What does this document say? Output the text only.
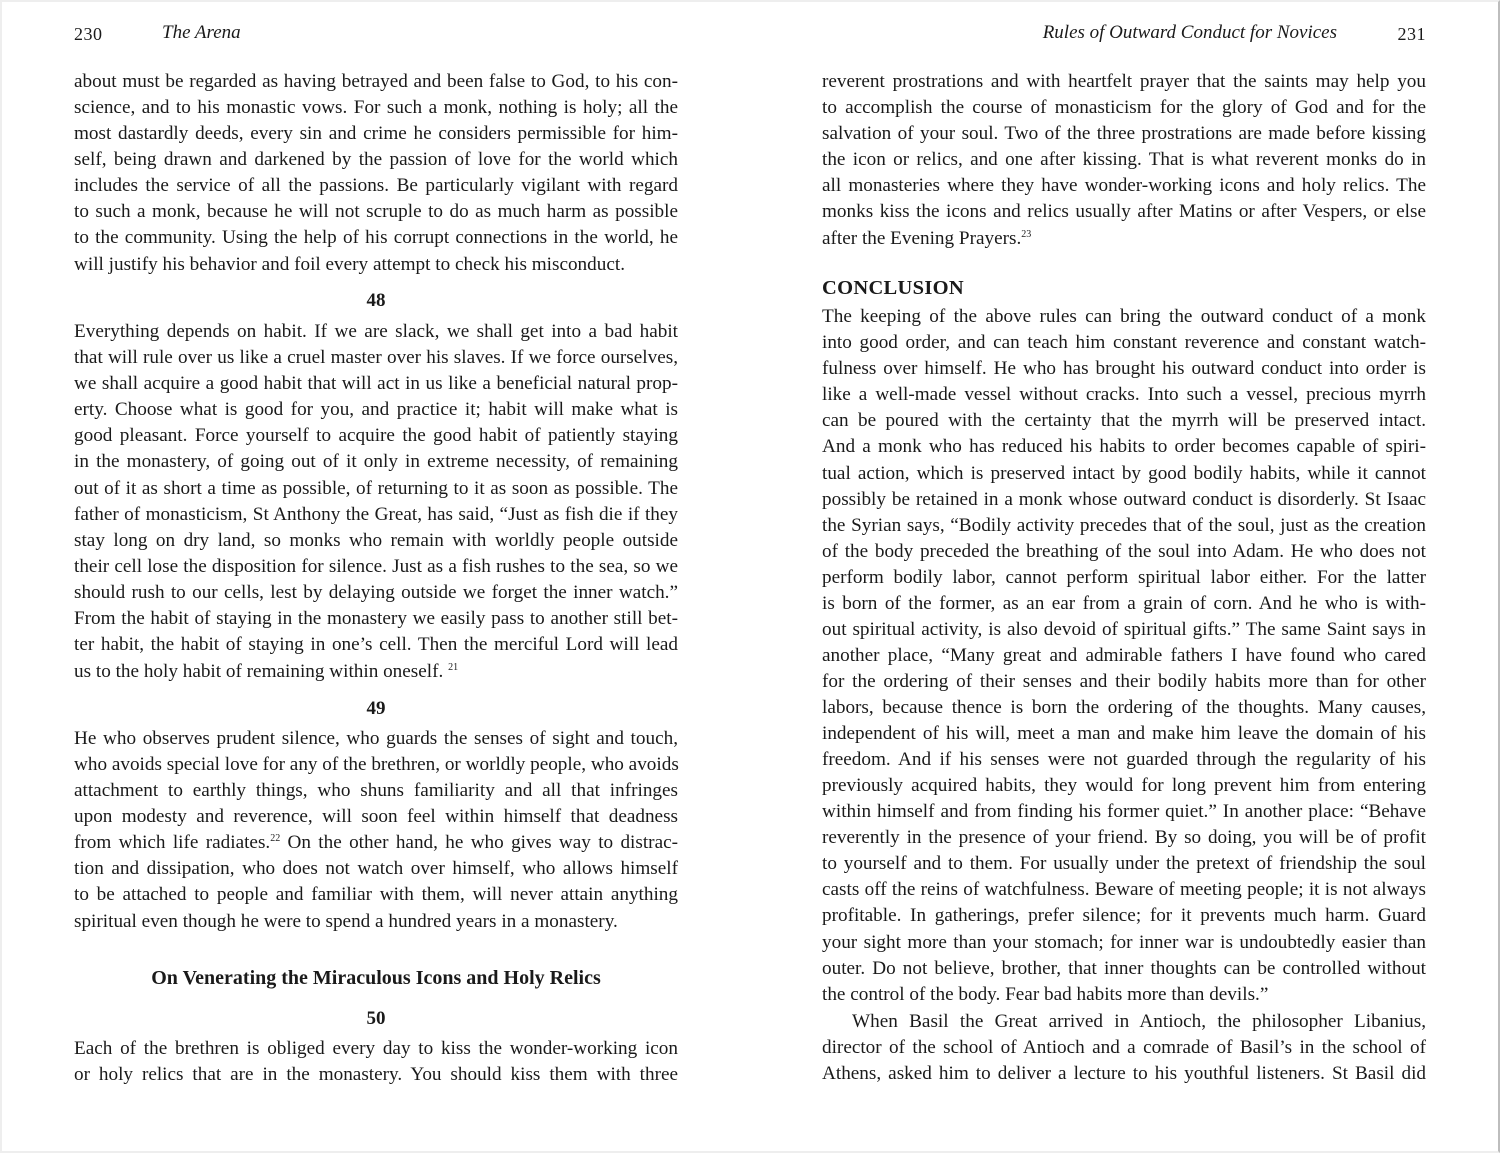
230	The Arena
about must be regarded as having betrayed and been false to God, to his con-
science, and to his monastic vows. For such a monk, nothing is holy; all the
most dastardly deeds, every sin and crime he considers permissible for him-
self, being drawn and darkened by the passion of love for the world which
includes the service of all the passions. Be particularly vigilant with regard
to such a monk, because he will not scruple to do as much harm as possible
to the community. Using the help of his corrupt connections in the world, he
will justify his behavior and foil every attempt to check his misconduct.
48
Everything depends on habit. If we are slack, we shall get into a bad habit
that will rule over us like a cruel master over his slaves. If we force ourselves,
we shall acquire a good habit that will act in us like a beneficial natural prop-
erty. Choose what is good for you, and practice it; habit will make what is
good pleasant. Force yourself to acquire the good habit of patiently staying
in the monastery, of going out of it only in extreme necessity, of remaining
out of it as short a time as possible, of returning to it as soon as possible. The
father of monasticism, St Anthony the Great, has said, “Just as fish die if they
stay long on dry land, so monks who remain with worldly people outside
their cell lose the disposition for silence. Just as a fish rushes to the sea, so we
should rush to our cells, lest by delaying outside we forget the inner watch.”
From the habit of staying in the monastery we easily pass to another still bet-
ter habit, the habit of staying in one’s cell. Then the merciful Lord will lead
us to the holy habit of remaining within oneself. $^{21}$
49
He who observes prudent silence, who guards the senses of sight and touch,
who avoids special love for any of the brethren, or worldly people, who avoids
attachment to earthly things, who shuns familiarity and all that infringes
upon modesty and reverence, will soon feel within himself that deadness
from which life radiates.$^{22}$ On the other hand, he who gives way to distrac-
tion and dissipation, who does not watch over himself, who allows himself
to be attached to people and familiar with them, will never attain anything
spiritual even though he were to spend a hundred years in a monastery.
On Venerating the Miraculous Icons and Holy Relics
50
Each of the brethren is obliged every day to kiss the wonder-working icon
or holy relics that are in the monastery. You should kiss them with three
Rules of Outward Conduct for Novices	231
reverent prostrations and with heartfelt prayer that the saints may help you
to accomplish the course of monasticism for the glory of God and for the
salvation of your soul. Two of the three prostrations are made before kissing
the icon or relics, and one after kissing. That is what reverent monks do in
all monasteries where they have wonder-working icons and holy relics. The
monks kiss the icons and relics usually after Matins or after Vespers, or else
after the Evening Prayers.$^{23}$
CONCLUSION
The keeping of the above rules can bring the outward conduct of a monk
into good order, and can teach him constant reverence and constant watch-
fulness over himself. He who has brought his outward conduct into order is
like a well-made vessel without cracks. Into such a vessel, precious myrrh
can be poured with the certainty that the myrrh will be preserved intact.
And a monk who has reduced his habits to order becomes capable of spiri-
tual action, which is preserved intact by good bodily habits, while it cannot
possibly be retained in a monk whose outward conduct is disorderly. St Isaac
the Syrian says, “Bodily activity precedes that of the soul, just as the creation
of the body preceded the breathing of the soul into Adam. He who does not
perform bodily labor, cannot perform spiritual labor either. For the latter
is born of the former, as an ear from a grain of corn. And he who is with-
out spiritual activity, is also devoid of spiritual gifts.” The same Saint says in
another place, “Many great and admirable fathers I have found who cared
for the ordering of their senses and their bodily habits more than for other
labors, because thence is born the ordering of the thoughts. Many causes,
independent of his will, meet a man and make him leave the domain of his
freedom. And if his senses were not guarded through the regularity of his
previously acquired habits, they would for long prevent him from entering
within himself and from finding his former quiet.” In another place: “Behave
reverently in the presence of your friend. By so doing, you will be of profit
to yourself and to them. For usually under the pretext of friendship the soul
casts off the reins of watchfulness. Beware of meeting people; it is not always
profitable. In gatherings, prefer silence; for it prevents much harm. Guard
your sight more than your stomach; for inner war is undoubtedly easier than
outer. Do not believe, brother, that inner thoughts can be controlled without
the control of the body. Fear bad habits more than devils.”
When Basil the Great arrived in Antioch, the philosopher Libanius,
director of the school of Antioch and a comrade of Basil’s in the school of
Athens, asked him to deliver a lecture to his youthful listeners. St Basil did
